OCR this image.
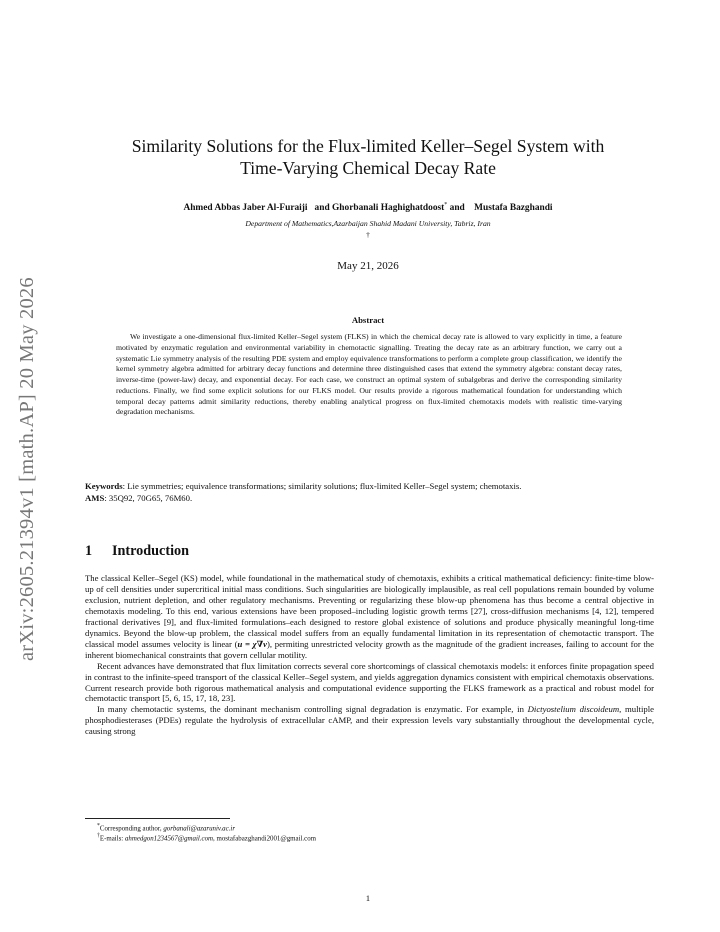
arXiv:2605.21394v1 [math.AP] 20 May 2026
Similarity Solutions for the Flux-limited Keller–Segel System with
Time-Varying Chemical Decay Rate
Ahmed Abbas Jaber Al-Furaiji and Ghorbanali Haghighatdoost* and Mustafa Bazghandi
Department of Mathematics,Azarbaijan Shahid Madani University, Tabriz, Iran
†
May 21, 2026
Abstract
We investigate a one-dimensional flux-limited Keller–Segel system (FLKS) in which the chemical decay rate is allowed to vary explicitly in time, a feature motivated by enzymatic regulation and environmental variability in chemotactic signalling. Treating the decay rate as an arbitrary function, we carry out a systematic Lie symmetry analysis of the resulting PDE system and employ equivalence transformations to perform a complete group classification, we identify the kernel symmetry algebra admitted for arbitrary decay functions and determine three distinguished cases that extend the symmetry algebra: constant decay rates, inverse-time (power-law) decay, and exponential decay. For each case, we construct an optimal system of subalgebras and derive the corresponding similarity reductions. Finally, we find some explicit solutions for our FLKS model. Our results provide a rigorous mathematical foundation for understanding which temporal decay patterns admit similarity reductions, thereby enabling analytical progress on flux-limited chemotaxis models with realistic time-varying degradation mechanisms.
Keywords: Lie symmetries; equivalence transformations; similarity solutions; flux-limited Keller–Segel system; chemotaxis.
AMS: 35Q92, 70G65, 76M60.
1 Introduction

The classical Keller–Segel (KS) model, while foundational in the mathematical study of chemotaxis, exhibits a critical mathematical deficiency: finite-time blow-up of cell densities under supercritical initial mass conditions. Such singularities are biologically implausible, as real cell populations remain bounded by volume exclusion, nutrient depletion, and other regulatory mechanisms. Preventing or regularizing these blow-up phenomena has thus become a central objective in chemotaxis modeling. To this end, various extensions have been proposed–including logistic growth terms [27], cross-diffusion mechanisms [4, 12], tempered fractional derivatives [9], and flux-limited formulations–each designed to restore global existence of solutions and produce physically meaningful long-time dynamics. Beyond the blow-up problem, the classical model suffers from an equally fundamental limitation in its representation of chemotactic transport. The classical model assumes velocity is linear (u = χ∇v), permiting unrestricted velocity growth as the magnitude of the gradient increases, failing to account for the inherent biomechanical constraints that govern cellular motility.

Recent advances have demonstrated that flux limitation corrects several core shortcomings of classical chemotaxis models: it enforces finite propagation speed in contrast to the infinite-speed transport of the classical Keller–Segel system, and yields aggregation dynamics consistent with empirical chemotaxis observations. Current research provide both rigorous mathematical analysis and computational evidence supporting the FLKS framework as a practical and robust model for chemotactic transport [5, 6, 15, 17, 18, 23].

In many chemotactic systems, the dominant mechanism controlling signal degradation is enzymatic. For example, in Dictyostelium discoideum, multiple phosphodiesterases (PDEs) regulate the hydrolysis of extracellular cAMP, and their expression levels vary substantially throughout the developmental cycle, causing strong

*Corresponding author, gorbanali@azaruniv.ac.ir
†E-mails: ahmedgon1234567@gmail.com, mostafabazghandi2001@gmail.com
1
